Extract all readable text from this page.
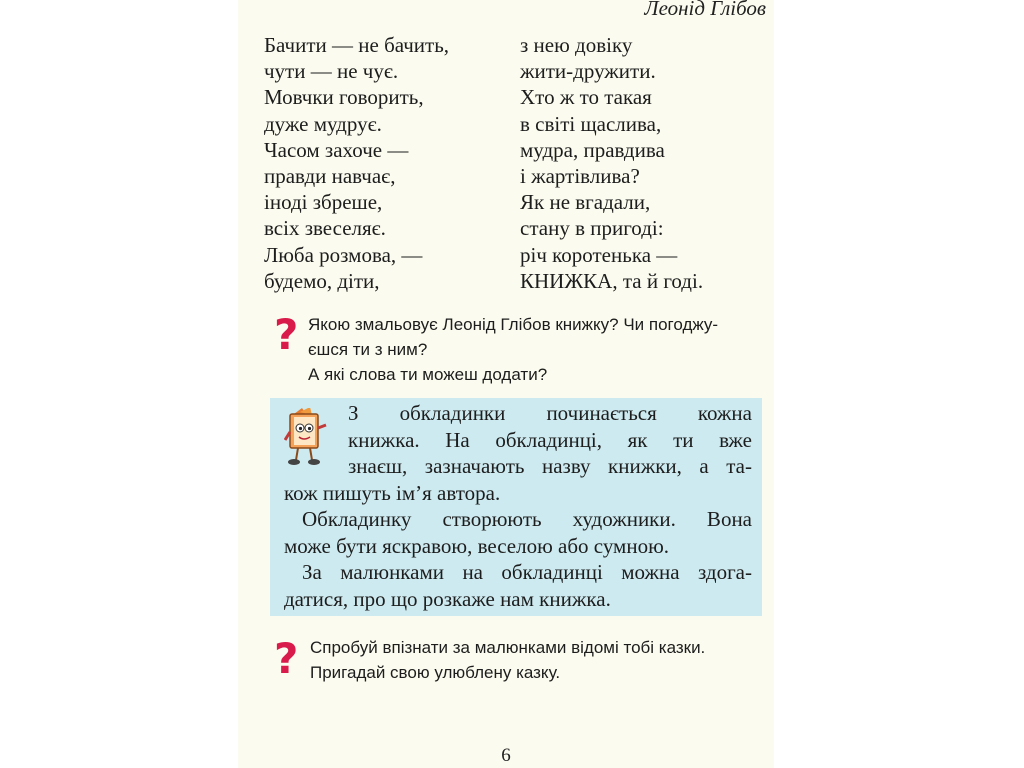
Леонід Глібов
Бачити — не бачить,
чути — не чує.
Мовчки говорить,
дуже мудрує.
Часом захоче —
правди навчає,
іноді збреше,
всіх звеселяє.
Люба розмова, —
будемо, діти,
з нею довіку
жити-дружити.
Хто ж то такая
в світі щаслива,
мудра, правдива
і жартівлива?
Як не вгадали,
стану в пригоді:
річ коротенька —
КНИЖКА, та й годі.
? Якою змальовує Леонід Глібов книжку? Чи погоджу-
єшся ти з ним?
А які слова ти можеш додати?
З обкладинки починається кожна
книжка. На обкладинці, як ти вже
знаєш, зазначають назву книжки, а та-
кож пишуть ім’я автора.
Обкладинку створюють художники. Вона
може бути яскравою, веселою або сумною.
За малюнками на обкладинці можна здога-
датися, про що розкаже нам книжка.
? Спробуй впізнати за малюнками відомі тобі казки.
Пригадай свою улюблену казку.
6
